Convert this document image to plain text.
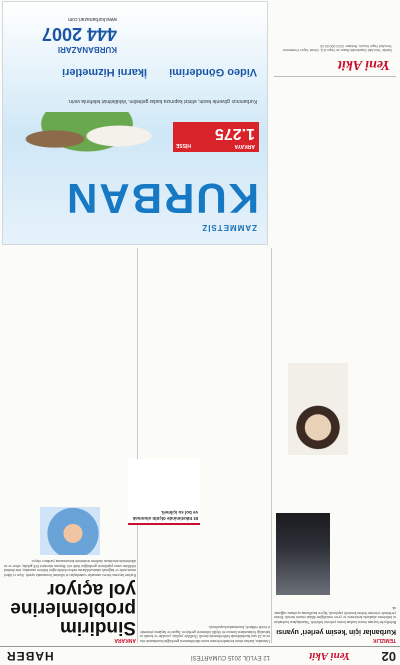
02
Yeni Akit
12 EYLÜL 2015 CUMARTESİ
HABER
TEMİZLİK
Kurbanlar için 'kesim yerleri' uyarısı

Belediyeler bayram öncesi kurban kesim yerlerini belirledi. Vatandaşların kurbanlarını belirlenen alanlarda kestirmesi ve çevre temizliğine dikkat etmesi istendi. Kesim yerlerinde veteriner hekim kontrolü yapılacak, hijyen kurallarına uyulması sağlanacak.

Uzmanlar, kurban etinin kesimden hemen sonra tüketilmemesi gerektiğini hatırlatarak etin en az 24 saat buzdolabında bekletilmesini önerdi. Özellikle yaşlılar, çocuklar ve kronik rahatsızlığı bulunanların kırmızı eti ölçülü tüketmesi gerekiyor. Izgara ve haşlama yöntemleri tercih edilmeli, kızartmadan kaçınılmalı.

ANKARA
Sindirim problemlerine yol açıyor

Kurban bayramı öncesi uzmanlar vatandaşları et tüketimi konusunda uyardı. Aşırı et tüketiminin mide ve bağırsak rahatsızlıklarına neden olabileceğini belirten uzmanlar, etin dinlendirildikten sonra pişirilmesi gerektiğini ifade etti. Bayram süresince lifli gıdalar, sebze ve su tüketiminin artırılması sindirim sisteminin korunmasına yardımcı oluyor.

Et tüketiminde ölçülü olunmalı ve bol su içilmeli.
Yeni Akit
Sahibi: Yeni Akit Gazetecilik Basın ve Yayın A.Ş. Genel Yayın Yönetmeni: Yeni Akit Yayın Kurulu. Reklam: 0212 000 00 00
ZAMMETSİZ
KURBAN
ARKAYA
1.275
HİSSE
Kurbanınızı güvenle kesin, etinizi kapınıza kadar getirelim. Vekâletinizi telefonla verin.
Video Gönderimi
İkarni Hizmetleri
KURBANAZARI
444 2007
www.kurbanazari.com
